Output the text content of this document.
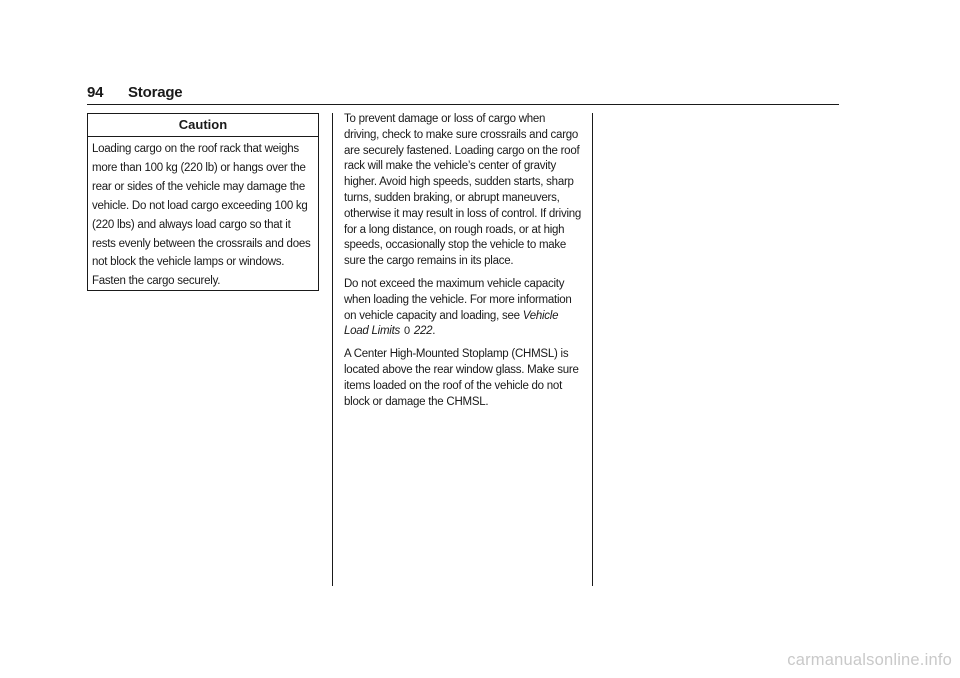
94 Storage
Caution
Loading cargo on the roof rack that weighs more than 100 kg (220 lb) or hangs over the rear or sides of the vehicle may damage the vehicle. Do not load cargo exceeding 100 kg (220 lbs) and always load cargo so that it rests evenly between the crossrails and does not block the vehicle lamps or windows. Fasten the cargo securely.

To prevent damage or loss of cargo when driving, check to make sure crossrails and cargo are securely fastened. Loading cargo on the roof rack will make the vehicle’s center of gravity higher. Avoid high speeds, sudden starts, sharp turns, sudden braking, or abrupt maneuvers, otherwise it may result in loss of control. If driving for a long distance, on rough roads, or at high speeds, occasionally stop the vehicle to make sure the cargo remains in its place.

Do not exceed the maximum vehicle capacity when loading the vehicle. For more information on vehicle capacity and loading, see Vehicle Load Limits 0 222.

A Center High-Mounted Stoplamp (CHMSL) is located above the rear window glass. Make sure items loaded on the roof of the vehicle do not block or damage the CHMSL.

carmanualsonline.info
